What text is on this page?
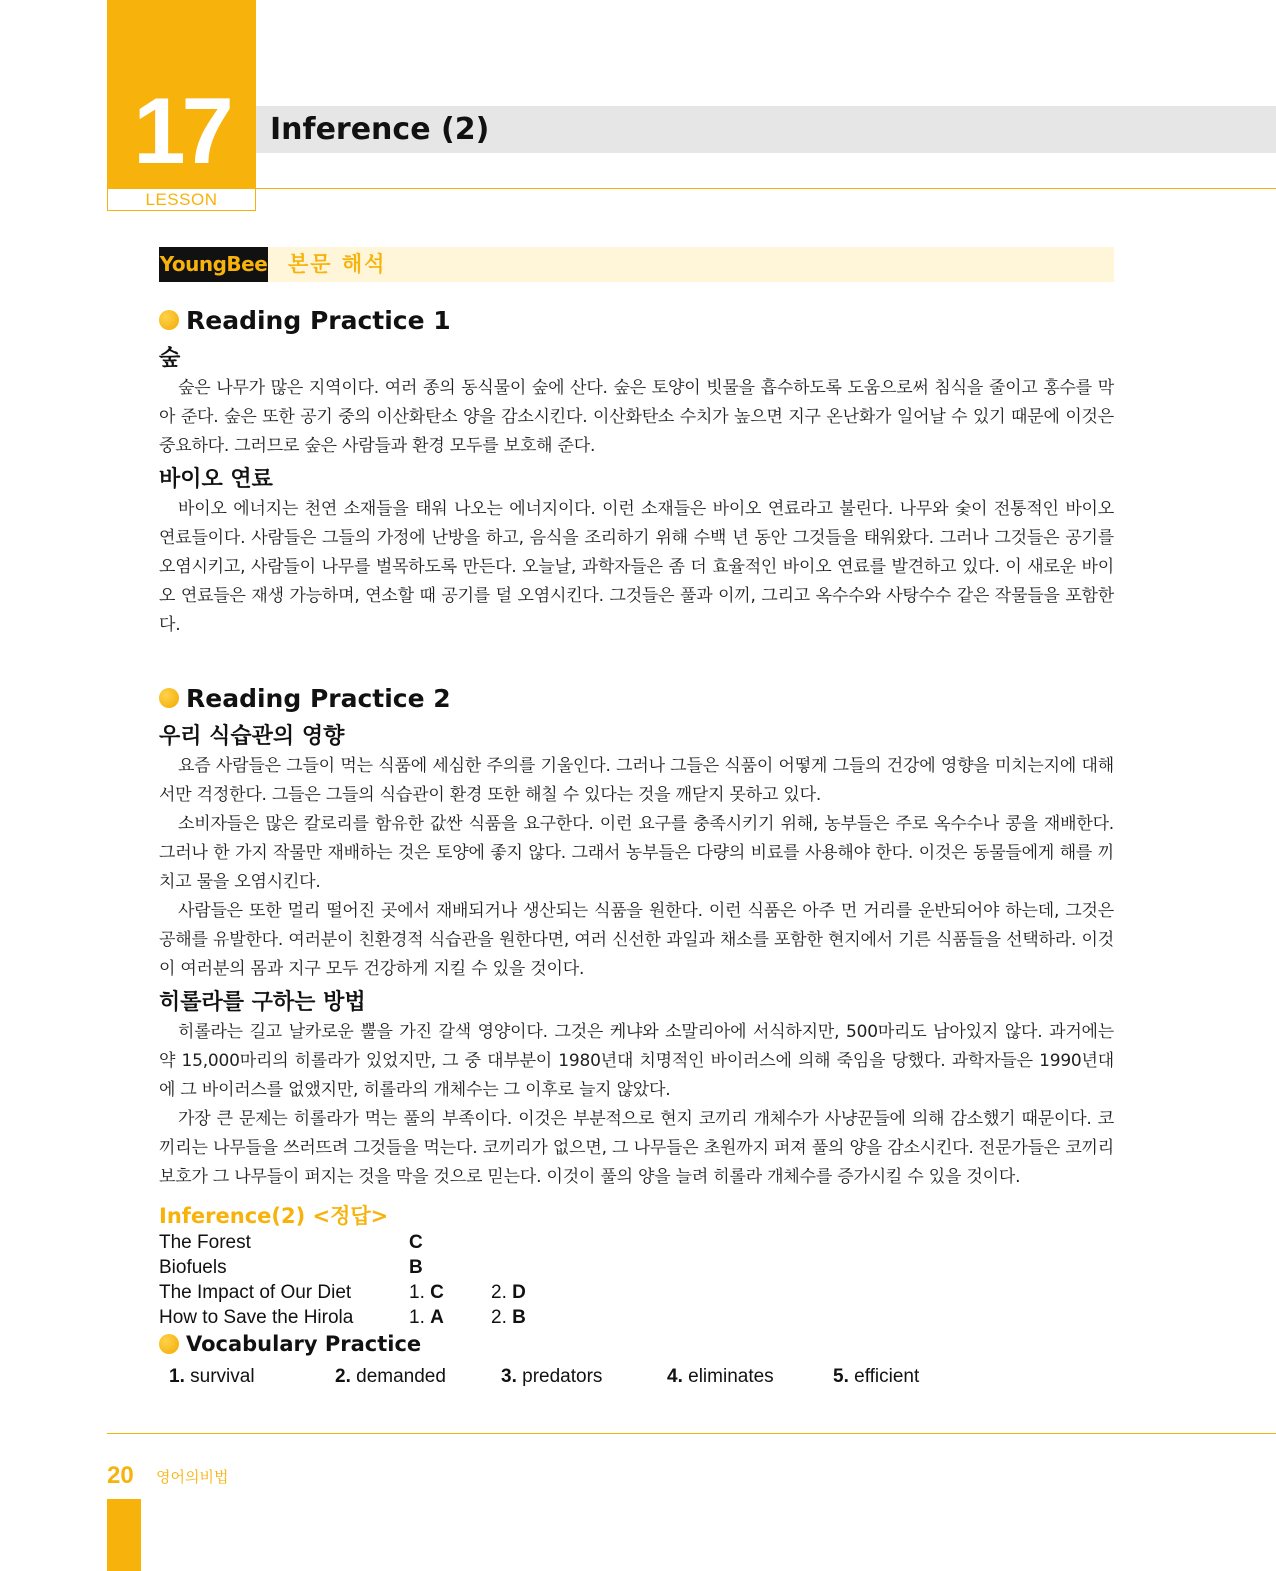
17
LESSON
Inference (2)
YoungBee 본문 해석
Reading Practice 1
숲

숲은 나무가 많은 지역이다. 여러 종의 동식물이 숲에 산다. 숲은 토양이 빗물을 흡수하도록 도움으로써 침식을 줄이고 홍수를 막아 준다. 숲은 또한 공기 중의 이산화탄소 양을 감소시킨다. 이산화탄소 수치가 높으면 지구 온난화가 일어날 수 있기 때문에 이것은 중요하다. 그러므로 숲은 사람들과 환경 모두를 보호해 준다.

바이오 연료

바이오 에너지는 천연 소재들을 태워 나오는 에너지이다. 이런 소재들은 바이오 연료라고 불린다. 나무와 숯이 전통적인 바이오 연료들이다. 사람들은 그들의 가정에 난방을 하고, 음식을 조리하기 위해 수백 년 동안 그것들을 태워왔다. 그러나 그것들은 공기를 오염시키고, 사람들이 나무를 벌목하도록 만든다. 오늘날, 과학자들은 좀 더 효율적인 바이오 연료를 발견하고 있다. 이 새로운 바이오 연료들은 재생 가능하며, 연소할 때 공기를 덜 오염시킨다. 그것들은 풀과 이끼, 그리고 옥수수와 사탕수수 같은 작물들을 포함한다.

Reading Practice 2
우리 식습관의 영향

요즘 사람들은 그들이 먹는 식품에 세심한 주의를 기울인다. 그러나 그들은 식품이 어떻게 그들의 건강에 영향을 미치는지에 대해서만 걱정한다. 그들은 그들의 식습관이 환경 또한 해칠 수 있다는 것을 깨닫지 못하고 있다.

소비자들은 많은 칼로리를 함유한 값싼 식품을 요구한다. 이런 요구를 충족시키기 위해, 농부들은 주로 옥수수나 콩을 재배한다. 그러나 한 가지 작물만 재배하는 것은 토양에 좋지 않다. 그래서 농부들은 다량의 비료를 사용해야 한다. 이것은 동물들에게 해를 끼치고 물을 오염시킨다.

사람들은 또한 멀리 떨어진 곳에서 재배되거나 생산되는 식품을 원한다. 이런 식품은 아주 먼 거리를 운반되어야 하는데, 그것은 공해를 유발한다. 여러분이 친환경적 식습관을 원한다면, 여러 신선한 과일과 채소를 포함한 현지에서 기른 식품들을 선택하라. 이것이 여러분의 몸과 지구 모두 건강하게 지킬 수 있을 것이다.

히롤라를 구하는 방법

히롤라는 길고 날카로운 뿔을 가진 갈색 영양이다. 그것은 케냐와 소말리아에 서식하지만, 500마리도 남아있지 않다. 과거에는 약 15,000마리의 히롤라가 있었지만, 그 중 대부분이 1980년대 치명적인 바이러스에 의해 죽임을 당했다. 과학자들은 1990년대에 그 바이러스를 없앴지만, 히롤라의 개체수는 그 이후로 늘지 않았다.

가장 큰 문제는 히롤라가 먹는 풀의 부족이다. 이것은 부분적으로 현지 코끼리 개체수가 사냥꾼들에 의해 감소했기 때문이다. 코끼리는 나무들을 쓰러뜨려 그것들을 먹는다. 코끼리가 없으면, 그 나무들은 초원까지 퍼져 풀의 양을 감소시킨다. 전문가들은 코끼리 보호가 그 나무들이 퍼지는 것을 막을 것으로 믿는다. 이것이 풀의 양을 늘려 히롤라 개체수를 증가시킬 수 있을 것이다.

Inference(2) <정답>
The Forest	C
Biofuels	B
The Impact of Our Diet	1. C	2. D
How to Save the Hirola	1. A	2. B
Vocabulary Practice
1. survival	2. demanded	3. predators	4. eliminates	5. efficient
20 영어의비법
